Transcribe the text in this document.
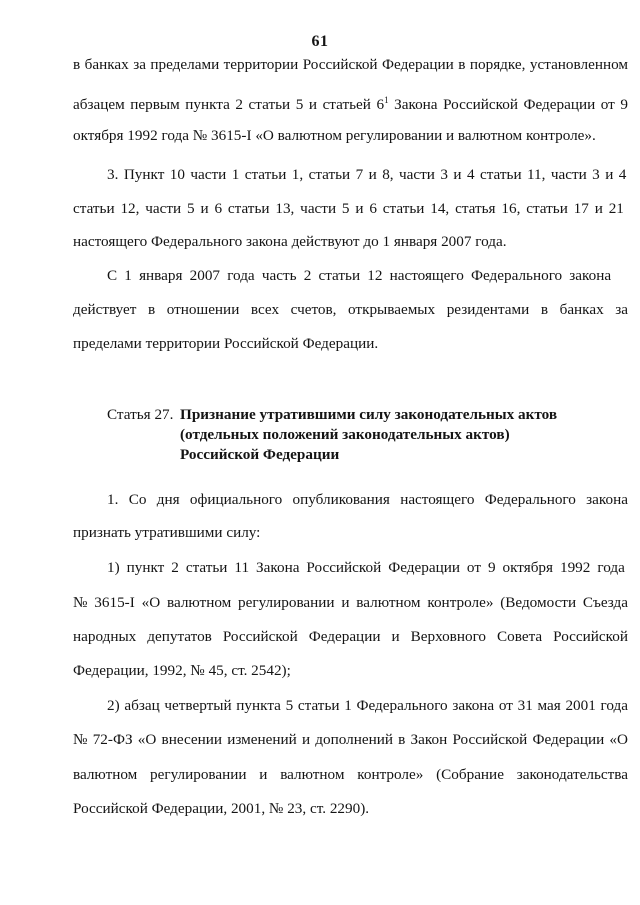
61
в банках за пределами территории Российской Федерации в порядке, установленном
абзацем первым пункта 2 статьи 5 и статьей $6^1$ Закона Российской Федерации от 9
октября 1992 года № 3615-I «О валютном регулировании и валютном контроле».
3. Пункт 10 части 1 статьи 1, статьи 7 и 8, части 3 и 4 статьи 11, части 3 и 4
статьи 12, части 5 и 6 статьи 13, части 5 и 6 статьи 14, статья 16, статьи 17 и 21
настоящего Федерального закона действуют до 1 января 2007 года.
С 1 января 2007 года часть 2 статьи 12 настоящего Федерального закона
действует в отношении всех счетов, открываемых резидентами в банках за
пределами территории Российской Федерации.
Статья 27. Признание утратившими силу законодательных актов
(отдельных положений законодательных актов)
Российской Федерации
1. Со дня официального опубликования настоящего Федерального закона
признать утратившими силу:
1) пункт 2 статьи 11 Закона Российской Федерации от 9 октября 1992 года
№ 3615-I «О валютном регулировании и валютном контроле» (Ведомости Съезда
народных депутатов Российской Федерации и Верховного Совета Российской
Федерации, 1992, № 45, ст. 2542);
2) абзац четвертый пункта 5 статьи 1 Федерального закона от 31 мая 2001 года
№ 72-ФЗ «О внесении изменений и дополнений в Закон Российской Федерации «О
валютном регулировании и валютном контроле» (Собрание законодательства
Российской Федерации, 2001, № 23, ст. 2290).
